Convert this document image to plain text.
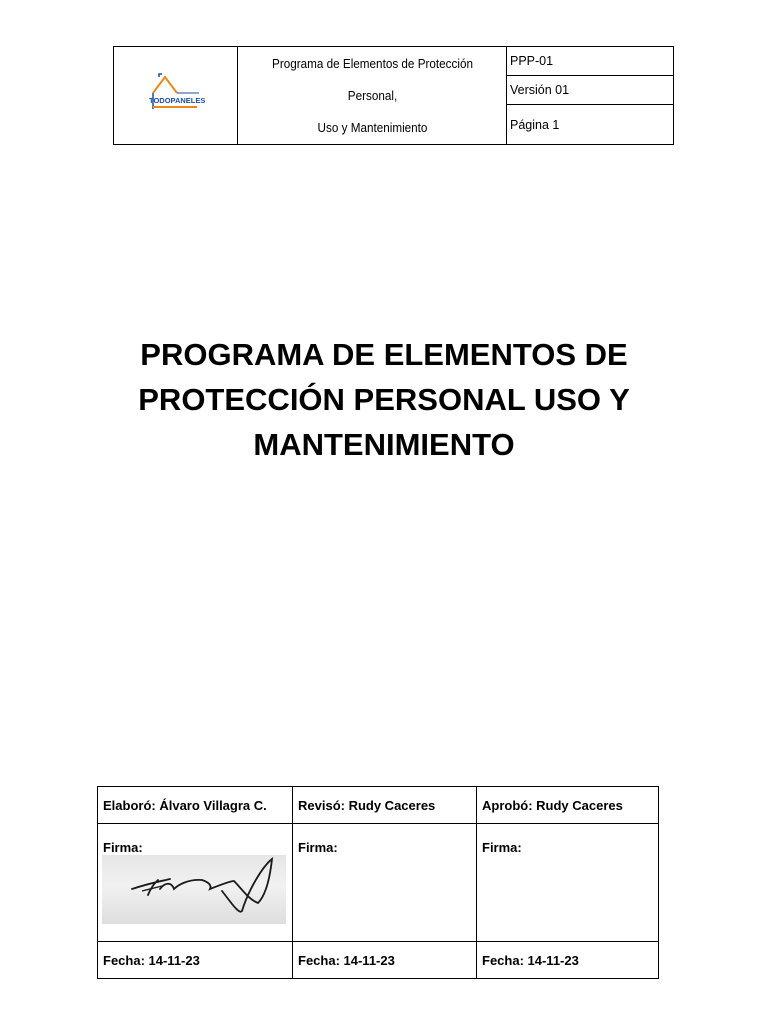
TODOPANELES

Programa de Elementos de Protección Personal,
Uso y Mantenimiento
	PPP-01
Versión 01
Página 1
PROGRAMA DE ELEMENTOS DE
PROTECCIÓN PERSONAL USO Y
MANTENIMIENTO
Elaboró: Álvaro Villagra C.	Revisó: Rudy Caceres	Aprobó: Rudy Caceres
Firma:	Firma:	Firma:
Fecha: 14-11-23	Fecha: 14-11-23	Fecha: 14-11-23
